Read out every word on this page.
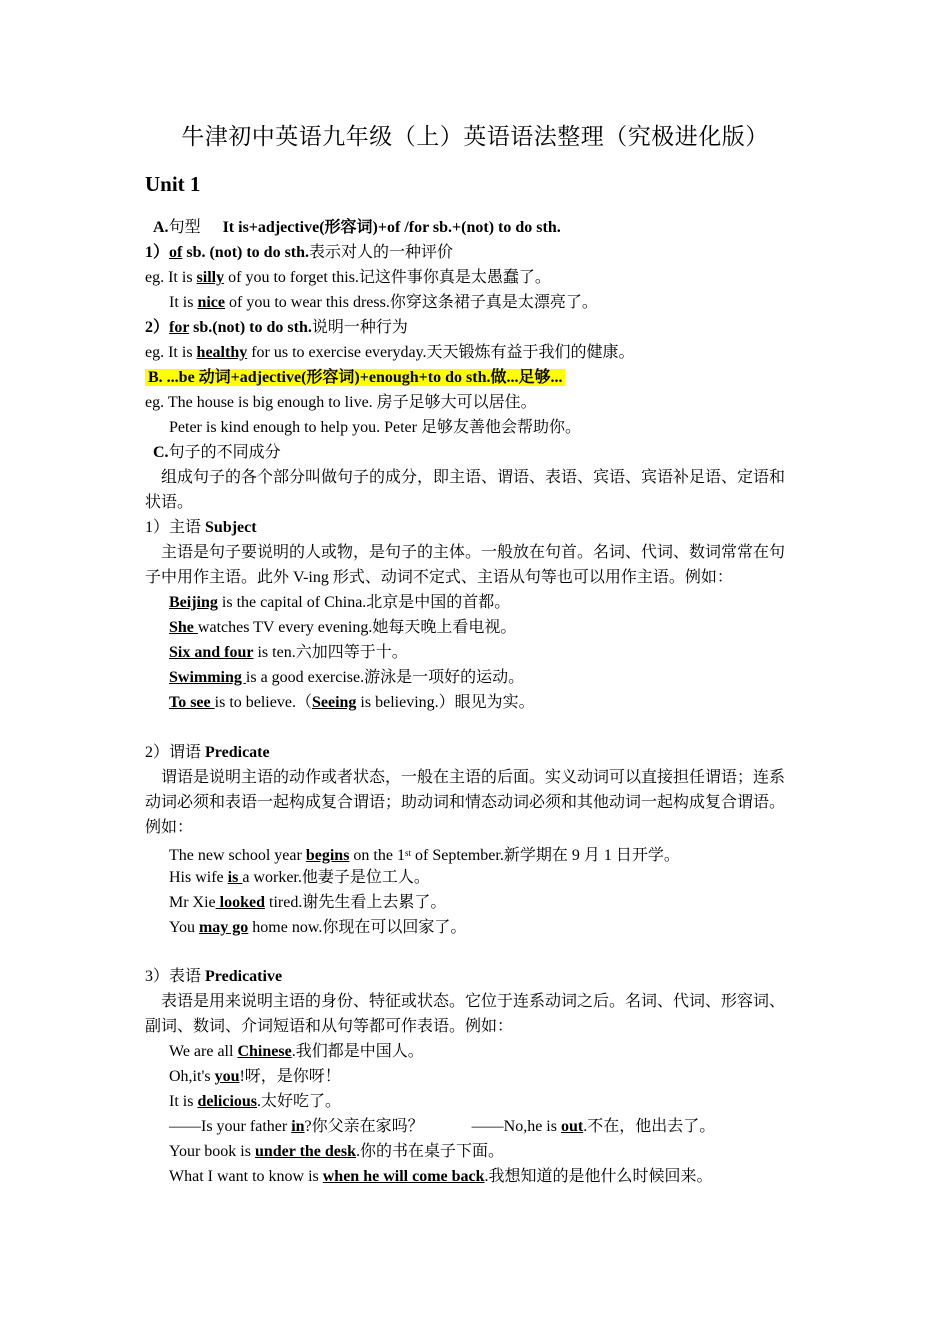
牛津初中英语九年级（上）英语语法整理（究极进化版）
Unit 1
A.句型 It is+adjective(形容词)+of /for sb.+(not) to do sth.
1）of sb. (not) to do sth.表示对人的一种评价
eg. It is silly of you to forget this.记这件事你真是太愚蠢了。
It is nice of you to wear this dress.你穿这条裙子真是太漂亮了。
2）for sb.(not) to do sth.说明一种行为
eg. It is healthy for us to exercise everyday.天天锻炼有益于我们的健康。
B. ...be 动词+adjective(形容词)+enough+to do sth.做...足够...
eg. The house is big enough to live. 房子足够大可以居住。
Peter is kind enough to help you. Peter 足够友善他会帮助你。
C.句子的不同成分
组成句子的各个部分叫做句子的成分，即主语、谓语、表语、宾语、宾语补足语、定语和
状语。
1）主语 Subject
主语是句子要说明的人或物，是句子的主体。一般放在句首。名词、代词、数词常常在句
子中用作主语。此外 V-ing 形式、动词不定式、主语从句等也可以用作主语。例如：
Beijing is the capital of China.北京是中国的首都。
She watches TV every evening.她每天晚上看电视。
Six and four is ten.六加四等于十。
Swimming is a good exercise.游泳是一项好的运动。
To see is to believe.（Seeing is believing.）眼见为实。
2）谓语 Predicate
谓语是说明主语的动作或者状态，一般在主语的后面。实义动词可以直接担任谓语；连系
动词必须和表语一起构成复合谓语；助动词和情态动词必须和其他动词一起构成复合谓语。
例如：
The new school year begins on the 1st of September.新学期在 9 月 1 日开学。
His wife is a worker.他妻子是位工人。
Mr Xie looked tired.谢先生看上去累了。
You may go home now.你现在可以回家了。
3）表语 Predicative
表语是用来说明主语的身份、特征或状态。它位于连系动词之后。名词、代词、形容词、
副词、数词、介词短语和从句等都可作表语。例如：
We are all Chinese.我们都是中国人。
Oh,it's you!呀，是你呀！
It is delicious.太好吃了。
——Is your father in?你父亲在家吗？	——No,he is out.不在，他出去了。
Your book is under the desk.你的书在桌子下面。
What I want to know is when he will come back.我想知道的是他什么时候回来。
